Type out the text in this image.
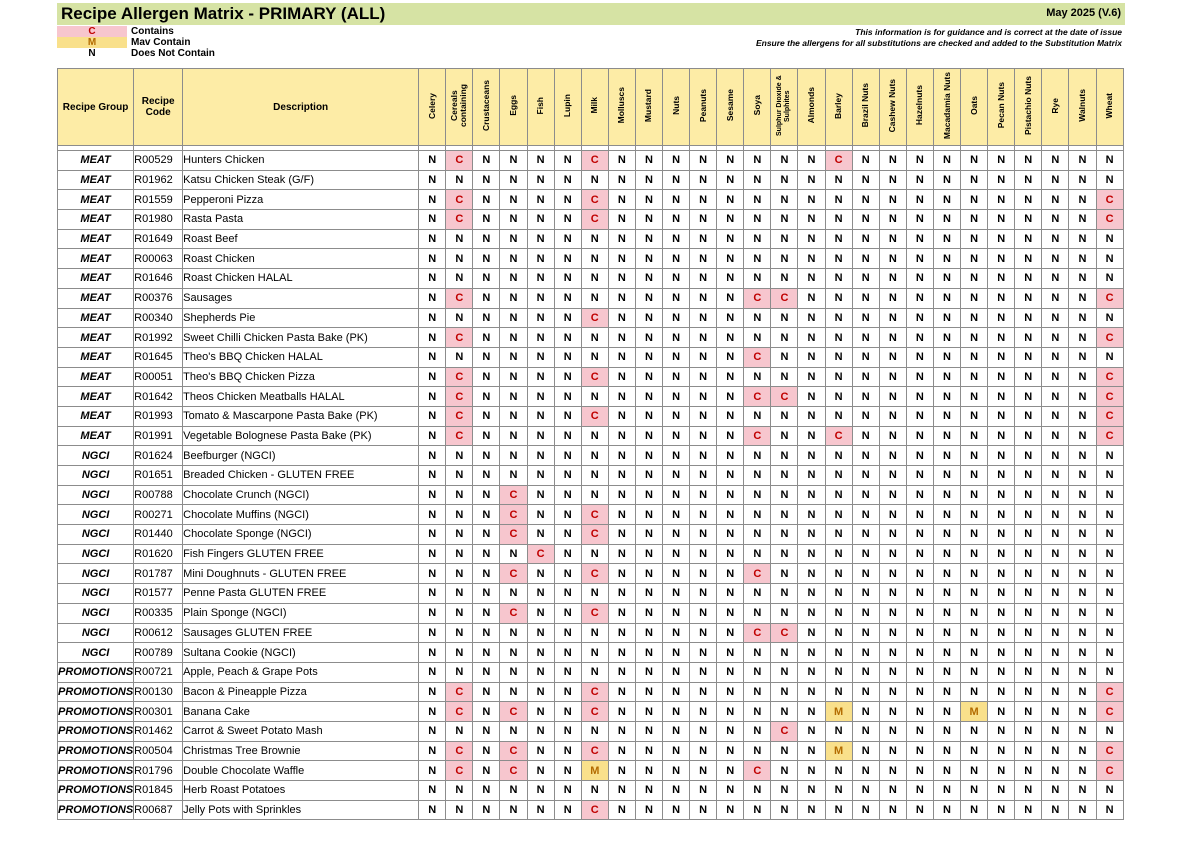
Recipe Allergen Matrix - PRIMARY (ALL)	May 2025 (V.6)
C	Contains
M	Mav Contain
N	Does Not Contain
This information is for guidance and is correct at the date of issue
Ensure the allergens for all substitutions are checked and added to the Substitution Matrix
Recipe Group	Recipe Code	Description	Celery	Cereals containing	Crustaceans	Eggs	Fish	Lupin	Milk	Molluscs	Mustard	Nuts	Peanuts	Sesame	Soya	Sulphur Dioxide & Sulphites	Almonds	Barley	Brazil Nuts	Cashew Nuts	Hazelnuts	Macadamia Nuts	Oats	Pecan Nuts	Pistachio Nuts	Rye	Walnuts	Wheat

MEAT	R00529	Hunters Chicken	N	C	N	N	N	N	C	N	N	N	N	N	N	N	N	C	N	N	N	N	N	N	N	N	N	N
MEAT	R01962	Katsu Chicken Steak (G/F)	N	N	N	N	N	N	N	N	N	N	N	N	N	N	N	N	N	N	N	N	N	N	N	N	N	N
MEAT	R01559	Pepperoni Pizza	N	C	N	N	N	N	C	N	N	N	N	N	N	N	N	N	N	N	N	N	N	N	N	N	N	C
MEAT	R01980	Rasta Pasta	N	C	N	N	N	N	C	N	N	N	N	N	N	N	N	N	N	N	N	N	N	N	N	N	N	C
MEAT	R01649	Roast Beef	N	N	N	N	N	N	N	N	N	N	N	N	N	N	N	N	N	N	N	N	N	N	N	N	N	N
MEAT	R00063	Roast Chicken	N	N	N	N	N	N	N	N	N	N	N	N	N	N	N	N	N	N	N	N	N	N	N	N	N	N
MEAT	R01646	Roast Chicken HALAL	N	N	N	N	N	N	N	N	N	N	N	N	N	N	N	N	N	N	N	N	N	N	N	N	N	N
MEAT	R00376	Sausages	N	C	N	N	N	N	N	N	N	N	N	N	C	C	N	N	N	N	N	N	N	N	N	N	N	C
MEAT	R00340	Shepherds Pie	N	N	N	N	N	N	C	N	N	N	N	N	N	N	N	N	N	N	N	N	N	N	N	N	N	N
MEAT	R01992	Sweet Chilli Chicken Pasta Bake (PK)	N	C	N	N	N	N	N	N	N	N	N	N	N	N	N	N	N	N	N	N	N	N	N	N	N	C
MEAT	R01645	Theo's BBQ Chicken HALAL	N	N	N	N	N	N	N	N	N	N	N	N	C	N	N	N	N	N	N	N	N	N	N	N	N	N
MEAT	R00051	Theo's BBQ Chicken Pizza	N	C	N	N	N	N	C	N	N	N	N	N	N	N	N	N	N	N	N	N	N	N	N	N	N	C
MEAT	R01642	Theos Chicken Meatballs HALAL	N	C	N	N	N	N	N	N	N	N	N	N	C	C	N	N	N	N	N	N	N	N	N	N	N	C
MEAT	R01993	Tomato & Mascarpone Pasta Bake (PK)	N	C	N	N	N	N	C	N	N	N	N	N	N	N	N	N	N	N	N	N	N	N	N	N	N	C
MEAT	R01991	Vegetable Bolognese Pasta Bake (PK)	N	C	N	N	N	N	N	N	N	N	N	N	C	N	N	C	N	N	N	N	N	N	N	N	N	C
NGCI	R01624	Beefburger (NGCI)	N	N	N	N	N	N	N	N	N	N	N	N	N	N	N	N	N	N	N	N	N	N	N	N	N	N
NGCI	R01651	Breaded Chicken - GLUTEN FREE	N	N	N	N	N	N	N	N	N	N	N	N	N	N	N	N	N	N	N	N	N	N	N	N	N	N
NGCI	R00788	Chocolate Crunch (NGCI)	N	N	N	C	N	N	N	N	N	N	N	N	N	N	N	N	N	N	N	N	N	N	N	N	N	N
NGCI	R00271	Chocolate Muffins (NGCI)	N	N	N	C	N	N	C	N	N	N	N	N	N	N	N	N	N	N	N	N	N	N	N	N	N	N
NGCI	R01440	Chocolate Sponge (NGCI)	N	N	N	C	N	N	C	N	N	N	N	N	N	N	N	N	N	N	N	N	N	N	N	N	N	N
NGCI	R01620	Fish Fingers GLUTEN FREE	N	N	N	N	C	N	N	N	N	N	N	N	N	N	N	N	N	N	N	N	N	N	N	N	N	N
NGCI	R01787	Mini Doughnuts - GLUTEN FREE	N	N	N	C	N	N	C	N	N	N	N	N	C	N	N	N	N	N	N	N	N	N	N	N	N	N
NGCI	R01577	Penne Pasta GLUTEN FREE	N	N	N	N	N	N	N	N	N	N	N	N	N	N	N	N	N	N	N	N	N	N	N	N	N	N
NGCI	R00335	Plain Sponge (NGCI)	N	N	N	C	N	N	C	N	N	N	N	N	N	N	N	N	N	N	N	N	N	N	N	N	N	N
NGCI	R00612	Sausages GLUTEN FREE	N	N	N	N	N	N	N	N	N	N	N	N	C	C	N	N	N	N	N	N	N	N	N	N	N	N
NGCI	R00789	Sultana Cookie (NGCI)	N	N	N	N	N	N	N	N	N	N	N	N	N	N	N	N	N	N	N	N	N	N	N	N	N	N
PROMOTIONS	R00721	Apple, Peach & Grape Pots	N	N	N	N	N	N	N	N	N	N	N	N	N	N	N	N	N	N	N	N	N	N	N	N	N	N
PROMOTIONS	R00130	Bacon & Pineapple Pizza	N	C	N	N	N	N	C	N	N	N	N	N	N	N	N	N	N	N	N	N	N	N	N	N	N	C
PROMOTIONS	R00301	Banana Cake	N	C	N	C	N	N	C	N	N	N	N	N	N	N	N	M	N	N	N	N	M	N	N	N	N	C
PROMOTIONS	R01462	Carrot & Sweet Potato Mash	N	N	N	N	N	N	N	N	N	N	N	N	N	C	N	N	N	N	N	N	N	N	N	N	N	N
PROMOTIONS	R00504	Christmas Tree Brownie	N	C	N	C	N	N	C	N	N	N	N	N	N	N	N	M	N	N	N	N	N	N	N	N	N	C
PROMOTIONS	R01796	Double Chocolate Waffle	N	C	N	C	N	N	M	N	N	N	N	N	C	N	N	N	N	N	N	N	N	N	N	N	N	C
PROMOTIONS	R01845	Herb Roast Potatoes	N	N	N	N	N	N	N	N	N	N	N	N	N	N	N	N	N	N	N	N	N	N	N	N	N	N
PROMOTIONS	R00687	Jelly Pots with Sprinkles	N	N	N	N	N	N	C	N	N	N	N	N	N	N	N	N	N	N	N	N	N	N	N	N	N	N
